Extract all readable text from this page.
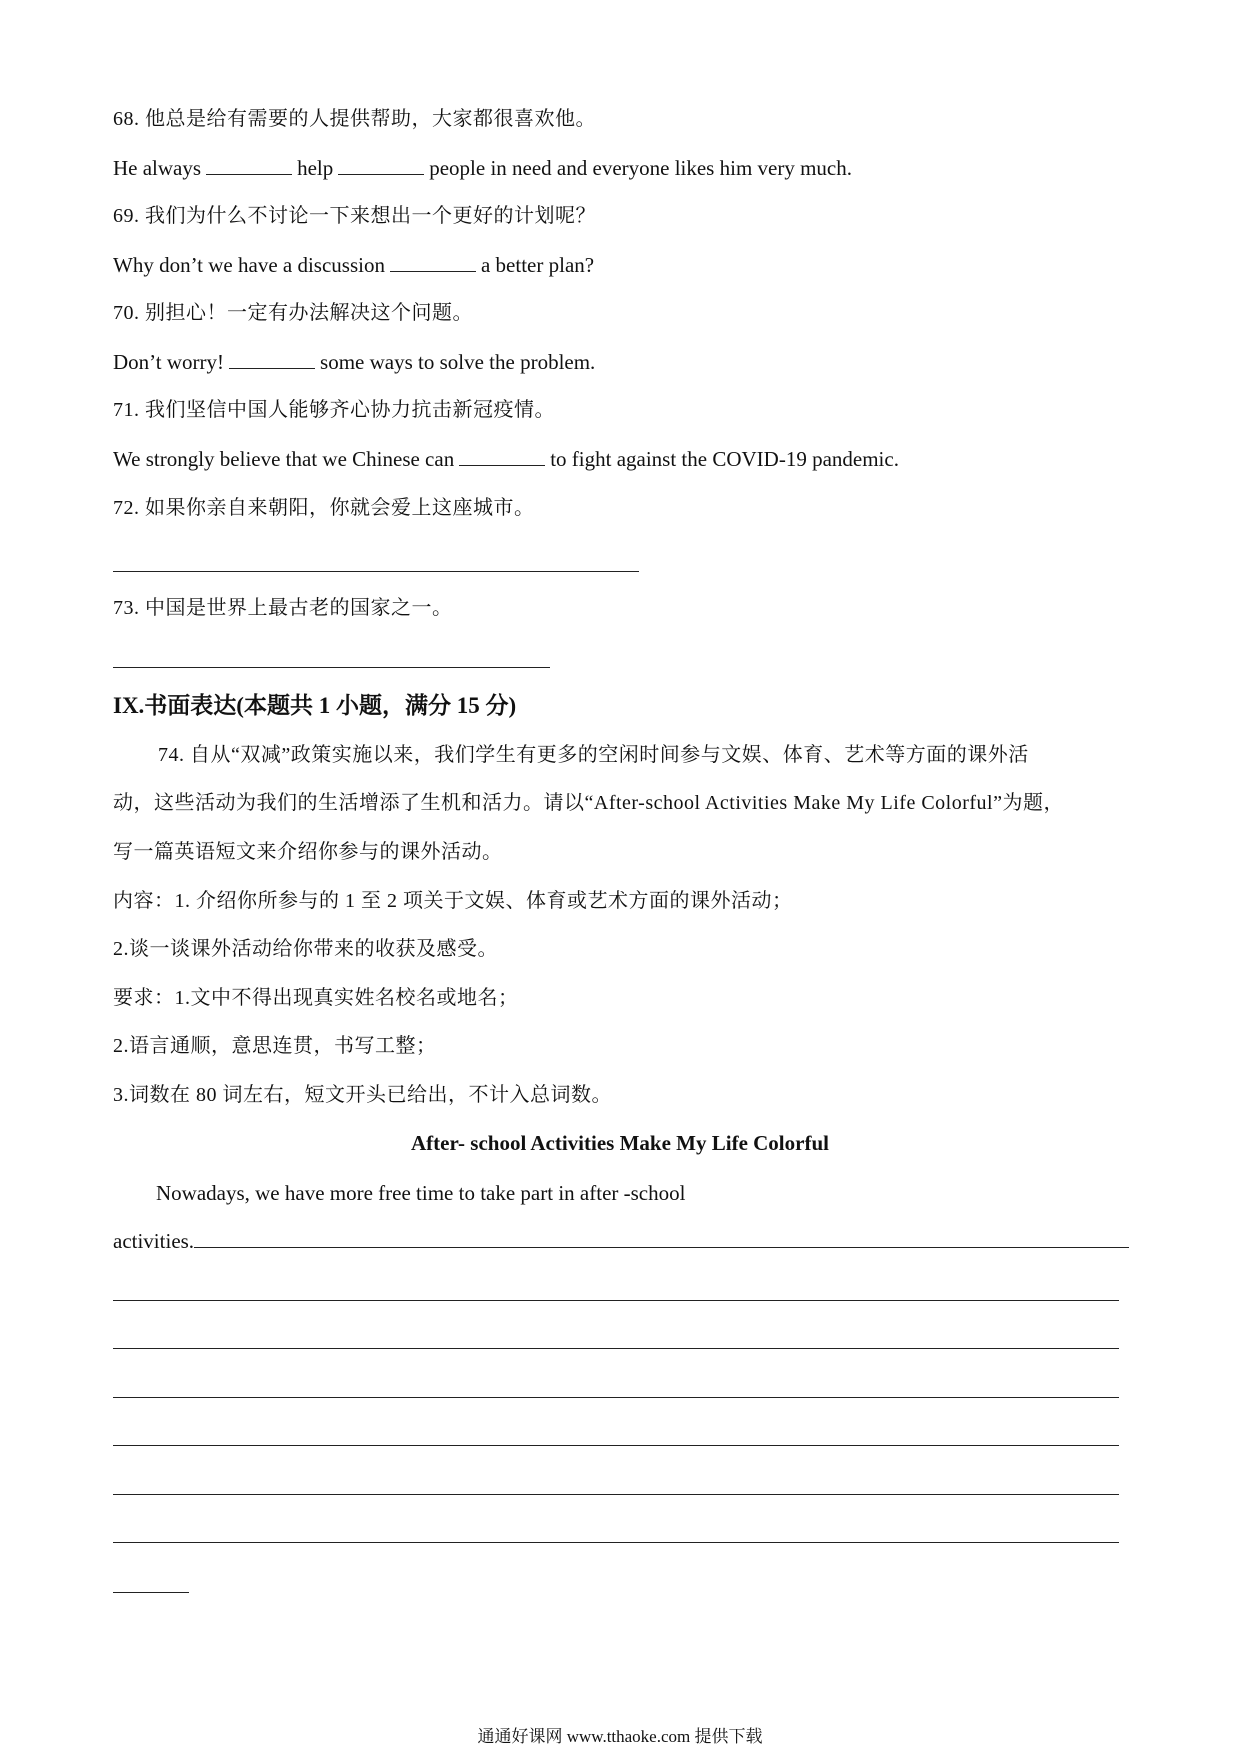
68. 他总是给有需要的人提供帮助，大家都很喜欢他。
He always	help	people in need and everyone likes him very much.
69. 我们为什么不讨论一下来想出一个更好的计划呢？
Why don’t we have a discussion	a better plan?
70. 别担心！一定有办法解决这个问题。
Don’t worry!	some ways to solve the problem.
71. 我们坚信中国人能够齐心协力抗击新冠疫情。
We strongly believe that we Chinese can	to fight against the COVID-19 pandemic.
72. 如果你亲自来朝阳，你就会爱上这座城市。
73. 中国是世界上最古老的国家之一。
IX.书面表达(本题共 1 小题，满分 15 分)
74. 自从“双减”政策实施以来，我们学生有更多的空闲时间参与文娱、体育、艺术等方面的课外活
动，这些活动为我们的生活增添了生机和活力。请以“After-school Activities Make My Life Colorful”为题，
写一篇英语短文来介绍你参与的课外活动。
内容：1. 介绍你所参与的 1 至 2 项关于文娱、体育或艺术方面的课外活动；
2.谈一谈课外活动给你带来的收获及感受。
要求：1.文中不得出现真实姓名校名或地名；
2.语言通顺，意思连贯，书写工整；
3.词数在 80 词左右，短文开头已给出，不计入总词数。
After- school Activities Make My Life Colorful
Nowadays, we have more free time to take part in after -school
activities.
通通好课网 www.tthaoke.com 提供下载
